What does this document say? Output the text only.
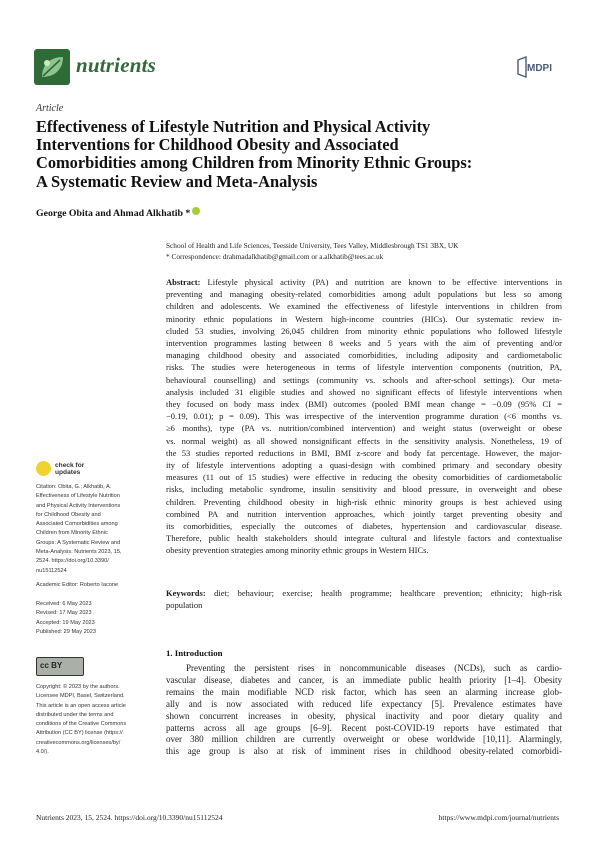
nutrients	MDPI
Article
Effectiveness of Lifestyle Nutrition and Physical Activity
Interventions for Childhood Obesity and Associated
Comorbidities among Children from Minority Ethnic Groups:
A Systematic Review and Meta-Analysis
George Obita and Ahmad Alkhatib *
School of Health and Life Sciences, Teesside University, Tees Valley, Middlesbrough TS1 3BX, UK
* Correspondence: drahmadalkhatib@gmail.com or a.alkhatib@tees.ac.uk
Abstract: Lifestyle physical activity (PA) and nutrition are known to be effective interventions in
preventing and managing obesity-related comorbidities among adult populations but less so among
children and adolescents. We examined the effectiveness of lifestyle interventions in children from
minority ethnic populations in Western high-income countries (HICs). Our systematic review in-
cluded 53 studies, involving 26,045 children from minority ethnic populations who followed lifestyle
intervention programmes lasting between 8 weeks and 5 years with the aim of preventing and/or
managing childhood obesity and associated comorbidities, including adiposity and cardiometabolic
risks. The studies were heterogeneous in terms of lifestyle intervention components (nutrition, PA,
behavioural counselling) and settings (community vs. schools and after-school settings). Our meta-
analysis included 31 eligible studies and showed no significant effects of lifestyle interventions when
they focused on body mass index (BMI) outcomes (pooled BMI mean change = −0.09 (95% CI =
−0.19, 0.01); p = 0.09). This was irrespective of the intervention programme duration (<6 months vs.
≥6 months), type (PA vs. nutrition/combined intervention) and weight status (overweight or obese
vs. normal weight) as all showed nonsignificant effects in the sensitivity analysis. Nonetheless, 19 of
the 53 studies reported reductions in BMI, BMI z-score and body fat percentage. However, the major-
ity of lifestyle interventions adopting a quasi-design with combined primary and secondary obesity
measures (11 out of 15 studies) were effective in reducing the obesity comorbidities of cardiometabolic
risks, including metabolic syndrome, insulin sensitivity and blood pressure, in overweight and obese
children. Preventing childhood obesity in high-risk ethnic minority groups is best achieved using
combined PA and nutrition intervention approaches, which jointly target preventing obesity and
its comorbidities, especially the outcomes of diabetes, hypertension and cardiovascular disease.
Therefore, public health stakeholders should integrate cultural and lifestyle factors and contextualise
obesity prevention strategies among minority ethnic groups in Western HICs.
Keywords: diet; behaviour; exercise; health programme; healthcare prevention; ethnicity; high-risk
population
1. Introduction
Preventing the persistent rises in noncommunicable diseases (NCDs), such as cardio-
vascular disease, diabetes and cancer, is an immediate public health priority [1–4]. Obesity
remains the main modifiable NCD risk factor, which has seen an alarming increase glob-
ally and is now associated with reduced life expectancy [5]. Prevalence estimates have
shown concurrent increases in obesity, physical inactivity and poor dietary quality and
patterns across all age groups [6–9]. Recent post-COVID-19 reports have estimated that
over 380 million children are currently overweight or obese worldwide [10,11]. Alarmingly,
this age group is also at risk of imminent rises in childhood obesity-related comorbidi-
check for
updates
Citation: Obita, G.; Alkhatib, A.
Effectiveness of Lifestyle Nutrition
and Physical Activity Interventions
for Childhood Obesity and
Associated Comorbidities among
Children from Minority Ethnic
Groups: A Systematic Review and
Meta-Analysis. Nutrients 2023, 15,
2524. https://doi.org/10.3390/
nu15112524
Academic Editor: Roberto Iacone
Received: 6 May 2023
Revised: 17 May 2023
Accepted: 19 May 2023
Published: 29 May 2023
cc BY
Copyright: © 2023 by the authors.
Licensee MDPI, Basel, Switzerland.
This article is an open access article
distributed under the terms and
conditions of the Creative Commons
Attribution (CC BY) license (https://
creativecommons.org/licenses/by/
4.0/).
Nutrients 2023, 15, 2524. https://doi.org/10.3390/nu15112524	https://www.mdpi.com/journal/nutrients
